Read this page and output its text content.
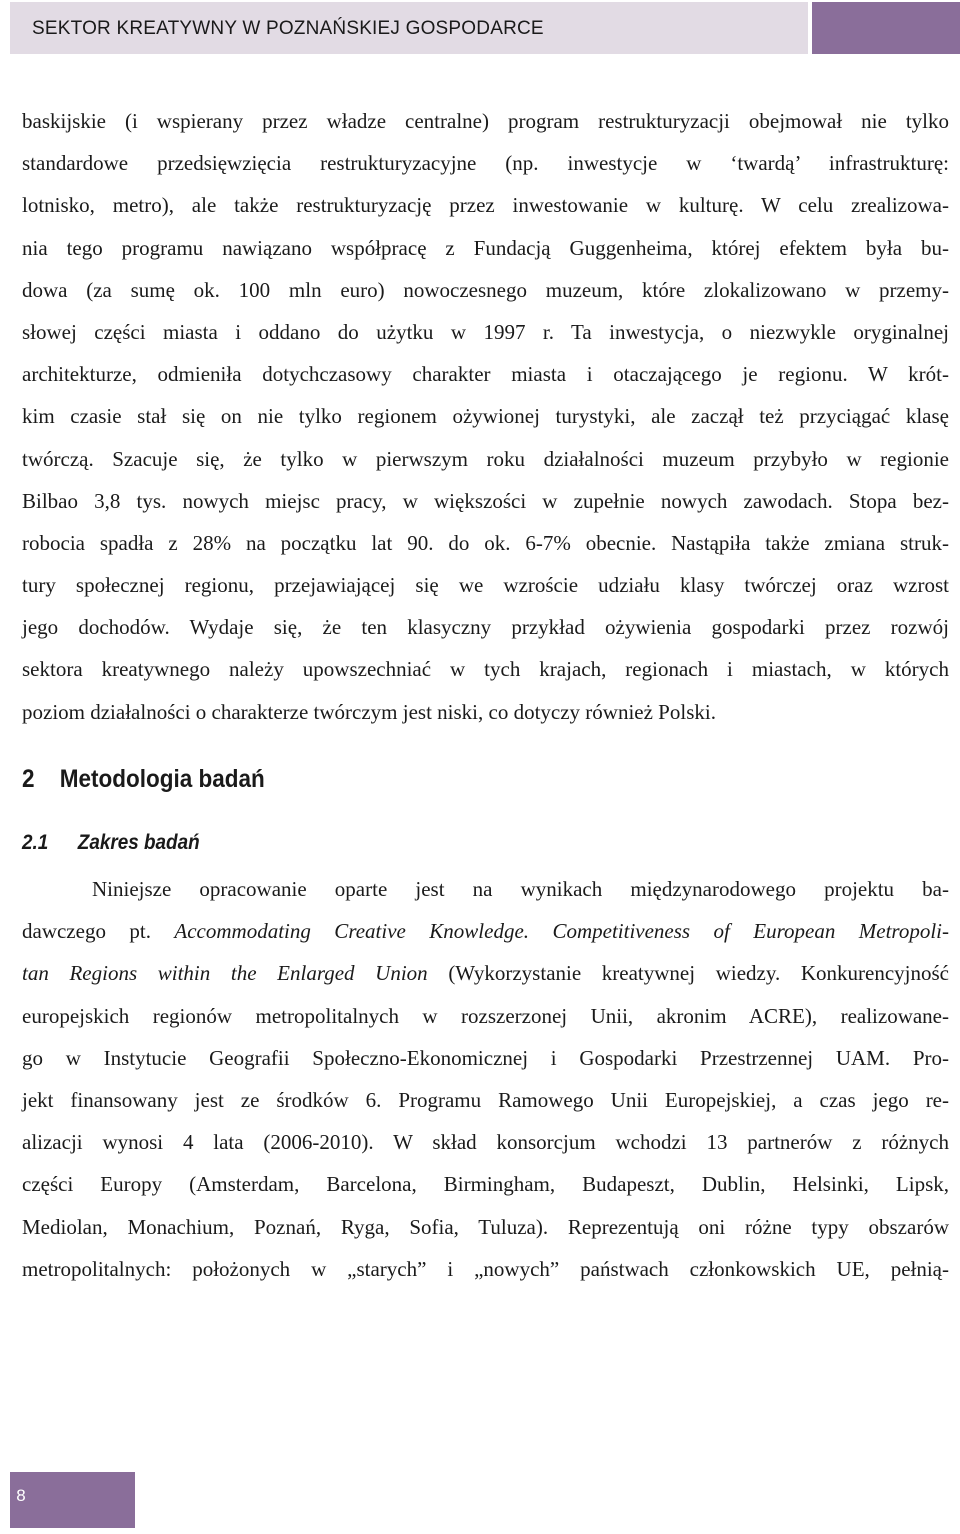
SEKTOR KREATYWNY W POZNAŃSKIEJ GOSPODARCE

baskijskie (i wspierany przez władze centralne) program restrukturyzacji obejmował nie tylko
standardowe przedsięwzięcia restrukturyzacyjne (np. inwestycje w ‘twardą’ infrastrukturę:
lotnisko, metro), ale także restrukturyzację przez inwestowanie w kulturę. W celu zrealizowa-
nia tego programu nawiązano współpracę z Fundacją Guggenheima, której efektem była bu-
dowa (za sumę ok. 100 mln euro) nowoczesnego muzeum, które zlokalizowano w przemy-
słowej części miasta i oddano do użytku w 1997 r. Ta inwestycja, o niezwykle oryginalnej
architekturze, odmieniła dotychczasowy charakter miasta i otaczającego je regionu. W krót-
kim czasie stał się on nie tylko regionem ożywionej turystyki, ale zaczął też przyciągać klasę
twórczą. Szacuje się, że tylko w pierwszym roku działalności muzeum przybyło w regionie
Bilbao 3,8 tys. nowych miejsc pracy, w większości w zupełnie nowych zawodach. Stopa bez-
robocia spadła z 28% na początku lat 90. do ok. 6-7% obecnie. Nastąpiła także zmiana struk-
tury społecznej regionu, przejawiającej się we wzroście udziału klasy twórczej oraz wzrost
jego dochodów. Wydaje się, że ten klasyczny przykład ożywienia gospodarki przez rozwój
sektora kreatywnego należy upowszechniać w tych krajach, regionach i miastach, w których
poziom działalności o charakterze twórczym jest niski, co dotyczy również Polski.

2 Metodologia badań
2.1 Zakres badań

Niniejsze opracowanie oparte jest na wynikach międzynarodowego projektu ba-
dawczego pt. Accommodating Creative Knowledge. Competitiveness of European Metropoli-
tan Regions within the Enlarged Union (Wykorzystanie kreatywnej wiedzy. Konkurencyjność
europejskich regionów metropolitalnych w rozszerzonej Unii, akronim ACRE), realizowane-
go w Instytucie Geografii Społeczno-Ekonomicznej i Gospodarki Przestrzennej UAM. Pro-
jekt finansowany jest ze środków 6. Programu Ramowego Unii Europejskiej, a czas jego re-
alizacji wynosi 4 lata (2006-2010). W skład konsorcjum wchodzi 13 partnerów z różnych
części Europy (Amsterdam, Barcelona, Birmingham, Budapeszt, Dublin, Helsinki, Lipsk,
Mediolan, Monachium, Poznań, Ryga, Sofia, Tuluza). Reprezentują oni różne typy obszarów
metropolitalnych: położonych w „starych” i „nowych” państwach członkowskich UE, pełnią-

8
